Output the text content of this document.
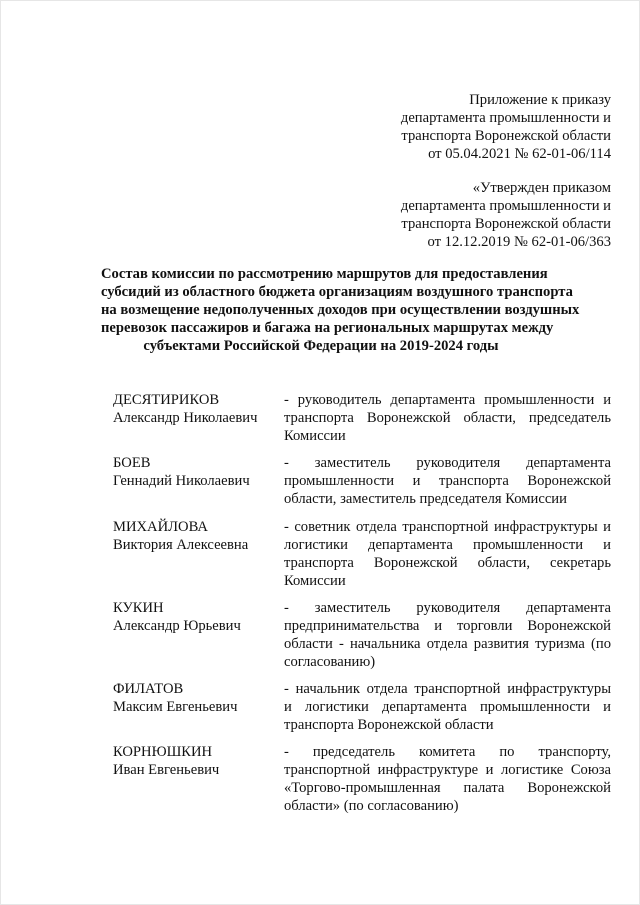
Приложение к приказу
департамента промышленности и
транспорта Воронежской области
от 05.04.2021 № 62-01-06/114
«Утвержден приказом
департамента промышленности и
транспорта Воронежской области
от 12.12.2019 № 62-01-06/363
Состав комиссии по рассмотрению маршрутов для предоставления
субсидий из областного бюджета организациям воздушного транспорта
на возмещение недополученных доходов при осуществлении воздушных
перевозок пассажиров и багажа на региональных маршрутах между
субъектами Российской Федерации на 2019-2024 годы
ДЕСЯТИРИКОВ
Александр Николаевич
- руководитель департамента промышленности и
транспорта Воронежской области, председатель
Комиссии
БОЕВ
Геннадий Николаевич
- заместитель руководителя департамента
промышленности и транспорта Воронежской
области, заместитель председателя Комиссии
МИХАЙЛОВА
Виктория Алексеевна
- советник отдела транспортной инфраструктуры и
логистики департамента промышленности и
транспорта Воронежской области, секретарь
Комиссии
КУКИН
Александр Юрьевич
- заместитель руководителя департамента
предпринимательства и торговли Воронежской
области - начальника отдела развития туризма (по
согласованию)
ФИЛАТОВ
Максим Евгеньевич
- начальник отдела транспортной инфраструктуры
и логистики департамента промышленности и
транспорта Воронежской области
КОРНЮШКИН
Иван Евгеньевич
- председатель комитета по транспорту,
транспортной инфраструктуре и логистике Союза
«Торгово-промышленная палата Воронежской
области» (по согласованию)
